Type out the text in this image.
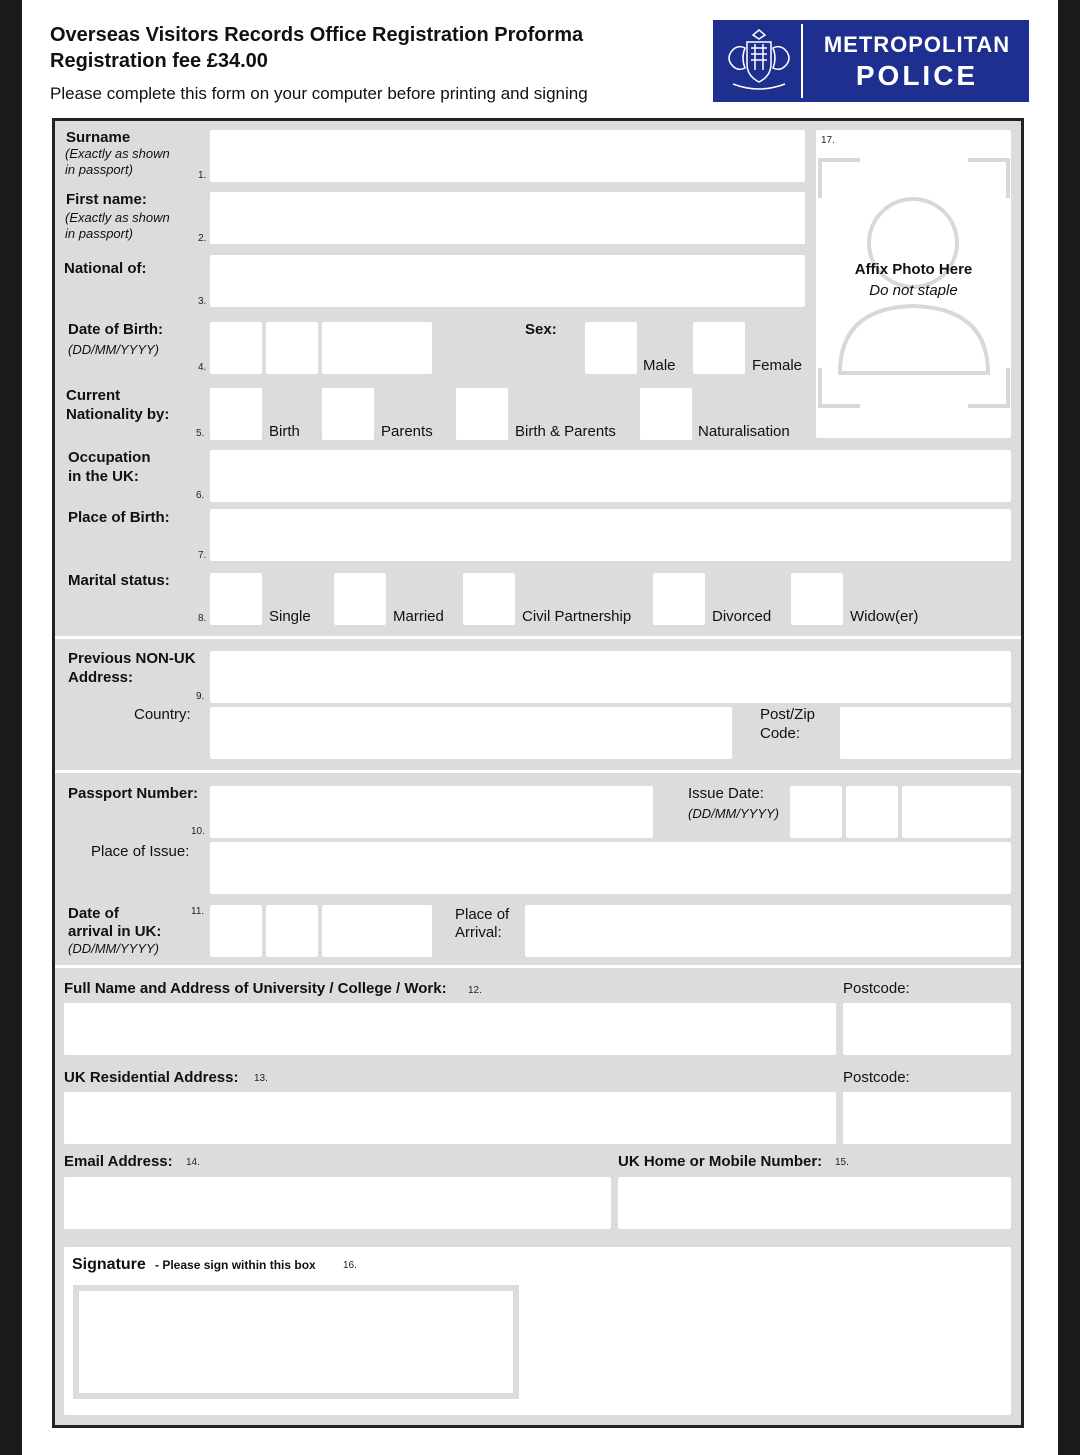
Overseas Visitors Records Office Registration Proforma
Registration fee £34.00
Please complete this form on your computer before printing and signing
METROPOLITAN
POLICE
Surname
(Exactly as shown
in passport)	1.
First name:
(Exactly as shown
in passport)	2.
National of:
3.
17.
Affix Photo Here
Do not staple
Date of Birth:
(DD/MM/YYYY)
4.
Sex:
Male	Female
Current
Nationality by:
5.	Birth	Parents	Birth & Parents	Naturalisation
Occupation
in the UK:
6.
Place of Birth:
7.
Marital status:
8.	Single	Married	Civil Partnership	Divorced	Widow(er)
Previous NON-UK
Address:
9.
Country:	Post/Zip
Code:
Passport Number:
10.
Issue Date:
(DD/MM/YYYY)
Place of Issue:
Date of
arrival in UK:
(DD/MM/YYYY)
11.	Place of
Arrival:
Full Name and Address of University / College / Work: 12.	Postcode:
UK Residential Address: 13.	Postcode:
Email Address: 14.	UK Home or Mobile Number: 15.
Signature - Please sign within this box	16.
